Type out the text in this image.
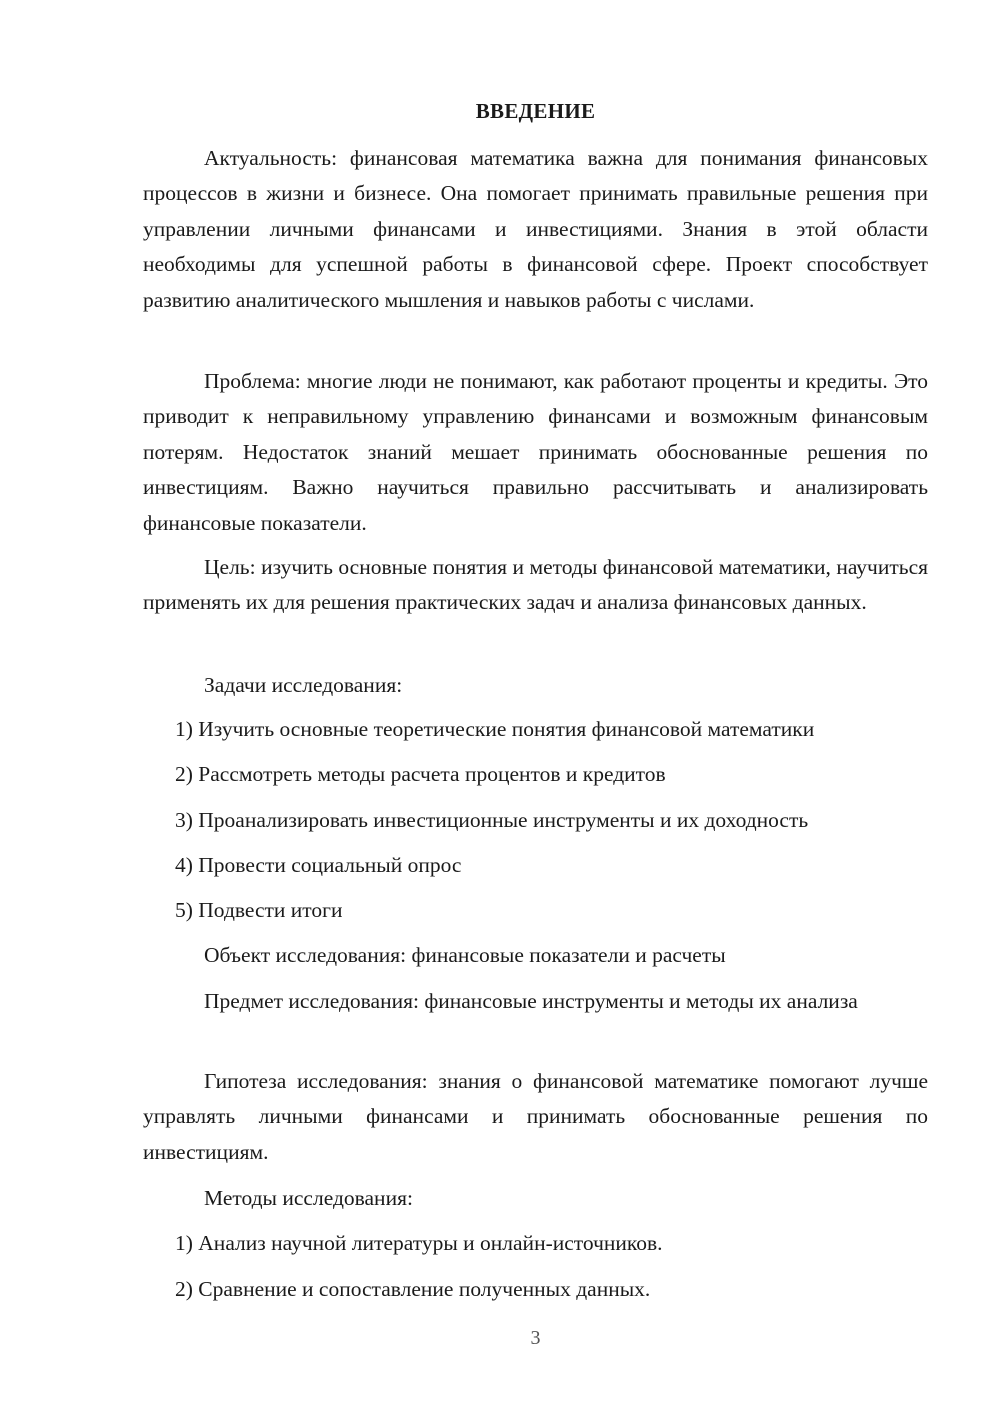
ВВЕДЕНИЕ

Актуальность: финансовая математика важна для понимания финансовых процессов в жизни и бизнесе. Она помогает принимать правильные решения при управлении личными финансами и инвестициями. Знания в этой области необходимы для успешной работы в финансовой сфере. Проект способствует развитию аналитического мышления и навыков работы с числами.

Проблема: многие люди не понимают, как работают проценты и кредиты. Это приводит к неправильному управлению финансами и возможным финансовым потерям. Недостаток знаний мешает принимать обоснованные решения по инвестициям. Важно научиться правильно рассчитывать и анализировать финансовые показатели.

Цель: изучить основные понятия и методы финансовой математики, научиться применять их для решения практических задач и анализа финансовых данных.

Задачи исследования:

1) Изучить основные теоретические понятия финансовой математики

2) Рассмотреть методы расчета процентов и кредитов

3) Проанализировать инвестиционные инструменты и их доходность

4) Провести социальный опрос

5) Подвести итоги

Объект исследования: финансовые показатели и расчеты

Предмет исследования: финансовые инструменты и методы их анализа

Гипотеза исследования: знания о финансовой математике помогают лучше управлять личными финансами и принимать обоснованные решения по инвестициям.

Методы исследования:

1) Анализ научной литературы и онлайн-источников.

2) Сравнение и сопоставление полученных данных.

3
